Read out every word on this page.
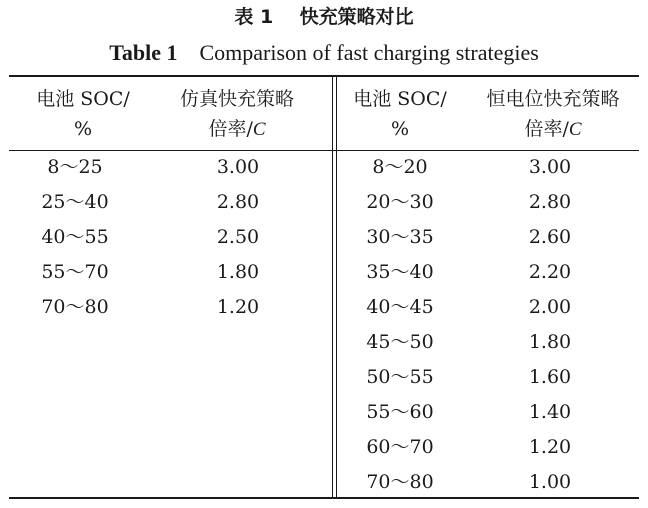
表 1    快充策略对比
Table 1 Comparison of fast charging strategies
电池 SOC/
%
仿真快充策略
倍率/C
电池 SOC/
%
恒电位快充策略
倍率/C
8～25
25～40
40～55
55～70
70～80
3.00
2.80
2.50
1.80
1.20
8～20
20～30
30～35
35～40
40～45
45～50
50～55
55～60
60～70
70～80
3.00
2.80
2.60
2.20
2.00
1.80
1.60
1.40
1.20
1.00
